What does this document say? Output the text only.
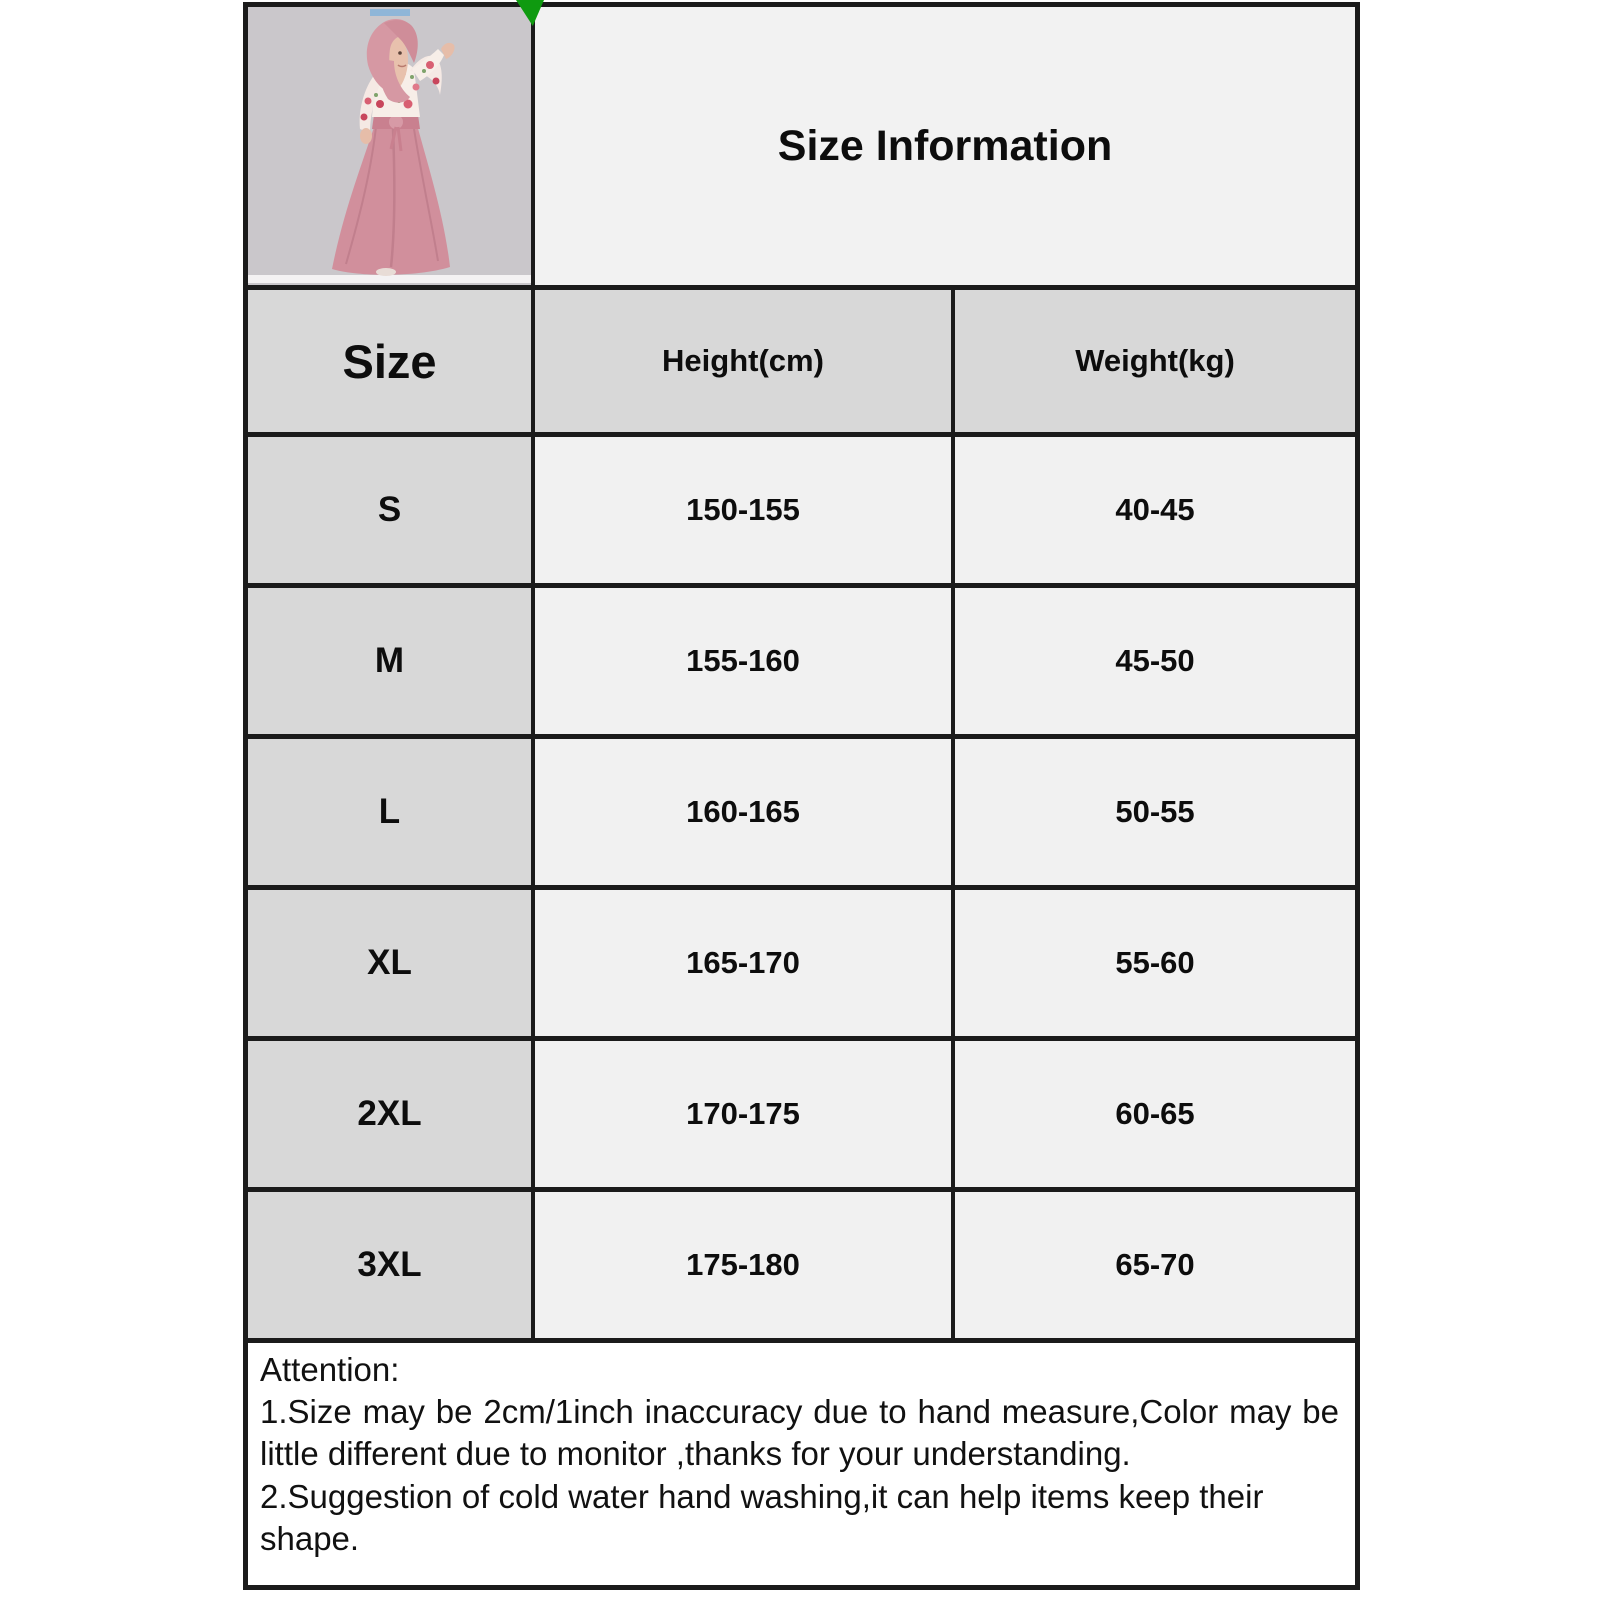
Size Information
Size	Height(cm)	Weight(kg)
S	150-155	40-45
M	155-160	45-50
L	160-165	50-55
XL	165-170	55-60
2XL	170-175	60-65
3XL	175-180	65-70

Attention:

1.Size may be 2cm/1inch inaccuracy due to hand measure,Color may be little different due to monitor ,thanks for your understanding.

2.Suggestion of cold water hand washing,it can help items keep their shape.
